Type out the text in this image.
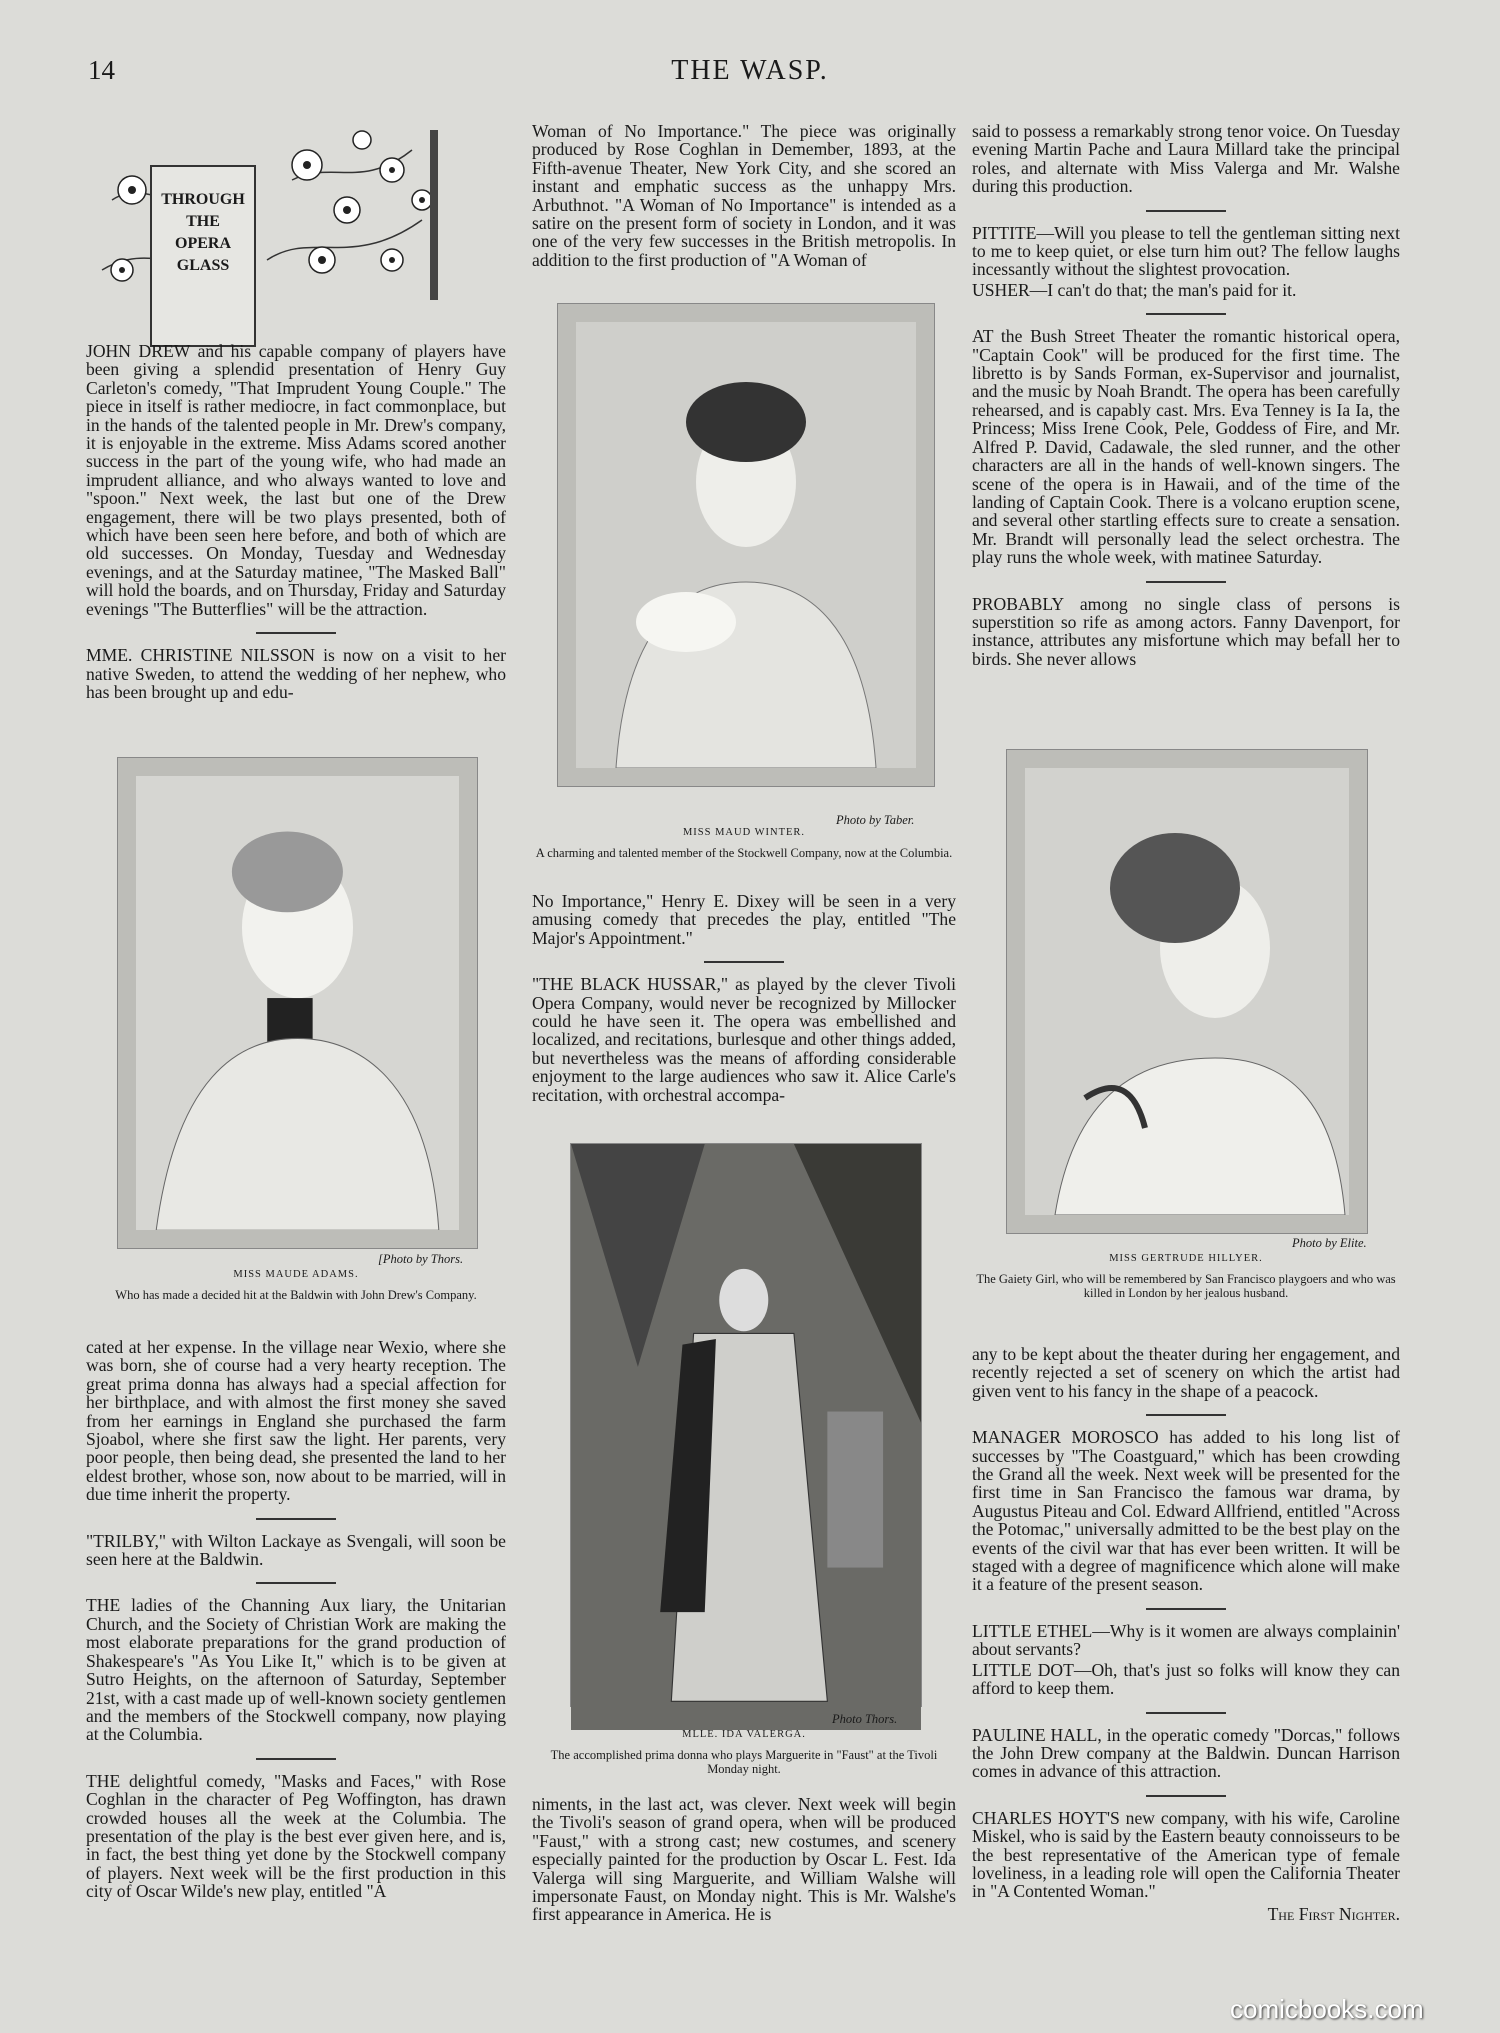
THE WASP.
14
THROUGH
THE
OPERA
GLASS

JOHN DREW and his capable company of players have been giving a splendid presentation of Henry Guy Carleton's comedy, "That Imprudent Young Couple." The piece in itself is rather mediocre, in fact commonplace, but in the hands of the talented people in Mr. Drew's company, it is enjoyable in the extreme. Miss Adams scored another success in the part of the young wife, who had made an imprudent alliance, and who always wanted to love and "spoon." Next week, the last but one of the Drew engagement, there will be two plays presented, both of which have been seen here before, and both of which are old successes. On Monday, Tuesday and Wednesday evenings, and at the Saturday matinee, "The Masked Ball" will hold the boards, and on Thursday, Friday and Saturday evenings "The Butterflies" will be the attraction.

MME. CHRISTINE NILSSON is now on a visit to her native Sweden, to attend the wedding of her nephew, who has been brought up and edu-

[Photo by Thors.
MISS MAUDE ADAMS.
Who has made a decided hit at the Baldwin with John Drew's Company.

cated at her expense. In the village near Wexio, where she was born, she of course had a very hearty reception. The great prima donna has always had a special affection for her birthplace, and with almost the first money she saved from her earnings in England she purchased the farm Sjoabol, where she first saw the light. Her parents, very poor people, then being dead, she presented the land to her eldest brother, whose son, now about to be married, will in due time inherit the property.

"TRILBY," with Wilton Lackaye as Svengali, will soon be seen here at the Baldwin.

THE ladies of the Channing Aux liary, the Unitarian Church, and the Society of Christian Work are making the most elaborate preparations for the grand production of Shakespeare's "As You Like It," which is to be given at Sutro Heights, on the afternoon of Saturday, September 21st, with a cast made up of well-known society gentlemen and the members of the Stockwell company, now playing at the Columbia.

THE delightful comedy, "Masks and Faces," with Rose Coghlan in the character of Peg Woffington, has drawn crowded houses all the week at the Columbia. The presentation of the play is the best ever given here, and is, in fact, the best thing yet done by the Stockwell company of players. Next week will be the first production in this city of Oscar Wilde's new play, entitled "A

Woman of No Importance." The piece was originally produced by Rose Coghlan in Demember, 1893, at the Fifth-avenue Theater, New York City, and she scored an instant and emphatic success as the unhappy Mrs. Arbuthnot. "A Woman of No Importance" is intended as a satire on the present form of society in London, and it was one of the very few successes in the British metropolis. In addition to the first production of "A Woman of

Photo by Taber.
MISS MAUD WINTER.
A charming and talented member of the Stockwell Company, now at the Columbia.

No Importance," Henry E. Dixey will be seen in a very amusing comedy that precedes the play, entitled "The Major's Appointment."

"THE BLACK HUSSAR," as played by the clever Tivoli Opera Company, would never be recognized by Millocker could he have seen it. The opera was embellished and localized, and recitations, burlesque and other things added, but nevertheless was the means of affording considerable enjoyment to the large audiences who saw it. Alice Carle's recitation, with orchestral accompa-

Photo Thors.
MLLE. IDA VALERGA.
The accomplished prima donna who plays Marguerite in "Faust" at the Tivoli Monday night.

niments, in the last act, was clever. Next week will begin the Tivoli's season of grand opera, when will be produced "Faust," with a strong cast; new costumes, and scenery especially painted for the production by Oscar L. Fest. Ida Valerga will sing Marguerite, and William Walshe will impersonate Faust, on Monday night. This is Mr. Walshe's first appearance in America. He is

said to possess a remarkably strong tenor voice. On Tuesday evening Martin Pache and Laura Millard take the principal roles, and alternate with Miss Valerga and Mr. Walshe during this production.

PITTITE—Will you please to tell the gentleman sitting next to me to keep quiet, or else turn him out? The fellow laughs incessantly without the slightest provocation.

USHER—I can't do that; the man's paid for it.

AT the Bush Street Theater the romantic historical opera, "Captain Cook" will be produced for the first time. The libretto is by Sands Forman, ex-Supervisor and journalist, and the music by Noah Brandt. The opera has been carefully rehearsed, and is capably cast. Mrs. Eva Tenney is Ia Ia, the Princess; Miss Irene Cook, Pele, Goddess of Fire, and Mr. Alfred P. David, Cadawale, the sled runner, and the other characters are all in the hands of well-known singers. The scene of the opera is in Hawaii, and of the time of the landing of Captain Cook. There is a volcano eruption scene, and several other startling effects sure to create a sensation. Mr. Brandt will personally lead the select orchestra. The play runs the whole week, with matinee Saturday.

PROBABLY among no single class of persons is superstition so rife as among actors. Fanny Davenport, for instance, attributes any misfortune which may befall her to birds. She never allows

Photo by Elite.
MISS GERTRUDE HILLYER.
The Gaiety Girl, who will be remembered by San Francisco playgoers and who was killed in London by her jealous husband.

any to be kept about the theater during her engagement, and recently rejected a set of scenery on which the artist had given vent to his fancy in the shape of a peacock.

MANAGER MOROSCO has added to his long list of successes by "The Coastguard," which has been crowding the Grand all the week. Next week will be presented for the first time in San Francisco the famous war drama, by Augustus Piteau and Col. Edward Allfriend, entitled "Across the Potomac," universally admitted to be the best play on the events of the civil war that has ever been written. It will be staged with a degree of magnificence which alone will make it a feature of the present season.

LITTLE ETHEL—Why is it women are always complainin' about servants?

LITTLE DOT—Oh, that's just so folks will know they can afford to keep them.

PAULINE HALL, in the operatic comedy "Dorcas," follows the John Drew company at the Baldwin. Duncan Harrison comes in advance of this attraction.

CHARLES HOYT'S new company, with his wife, Caroline Miskel, who is said by the Eastern beauty connoisseurs to be the best representative of the American type of female loveliness, in a leading role will open the California Theater in "A Contented Woman."

The First Nighter.
comicbooks.com
